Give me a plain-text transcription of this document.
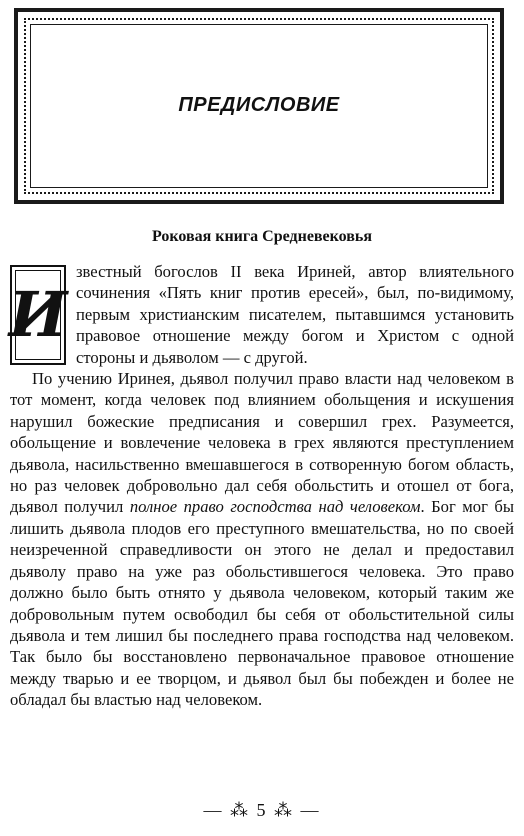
ПРЕДИСЛОВИЕ
Роковая книга Средневековья
И

звестный богослов II века Ириней, автор влиятельного сочинения «Пять книг против ересей», был, по-видимому, первым христианским писателем, пытавшимся установить правовое отношение между богом и Христом с одной стороны и дьяволом — с другой.

По учению Иринея, дьявол получил право власти над человеком в тот момент, когда человек под влиянием обольщения и искушения нарушил божеские предписания и совершил грех. Разумеется, обольщение и вовлечение человека в грех являются преступлением дьявола, насильственно вмешавшегося в сотворенную богом область, но раз человек добровольно дал себя обольстить и отошел от бога, дьявол получил полное право господства над человеком. Бог мог бы лишить дьявола плодов его преступного вмешательства, но по своей неизреченной справедливости он этого не делал и предоставил дьяволу право на уже раз обольстившегося человека. Это право должно было быть отнято у дьявола человеком, который таким же добровольным путем освободил бы себя от обольстительной силы дьявола и тем лишил бы последнего права господства над человеком. Так было бы восстановлено первоначальное правовое отношение между тварью и ее творцом, и дьявол был бы побежден и более не обладал бы властью над человеком.

— ⁂ 5 ⁂ —
